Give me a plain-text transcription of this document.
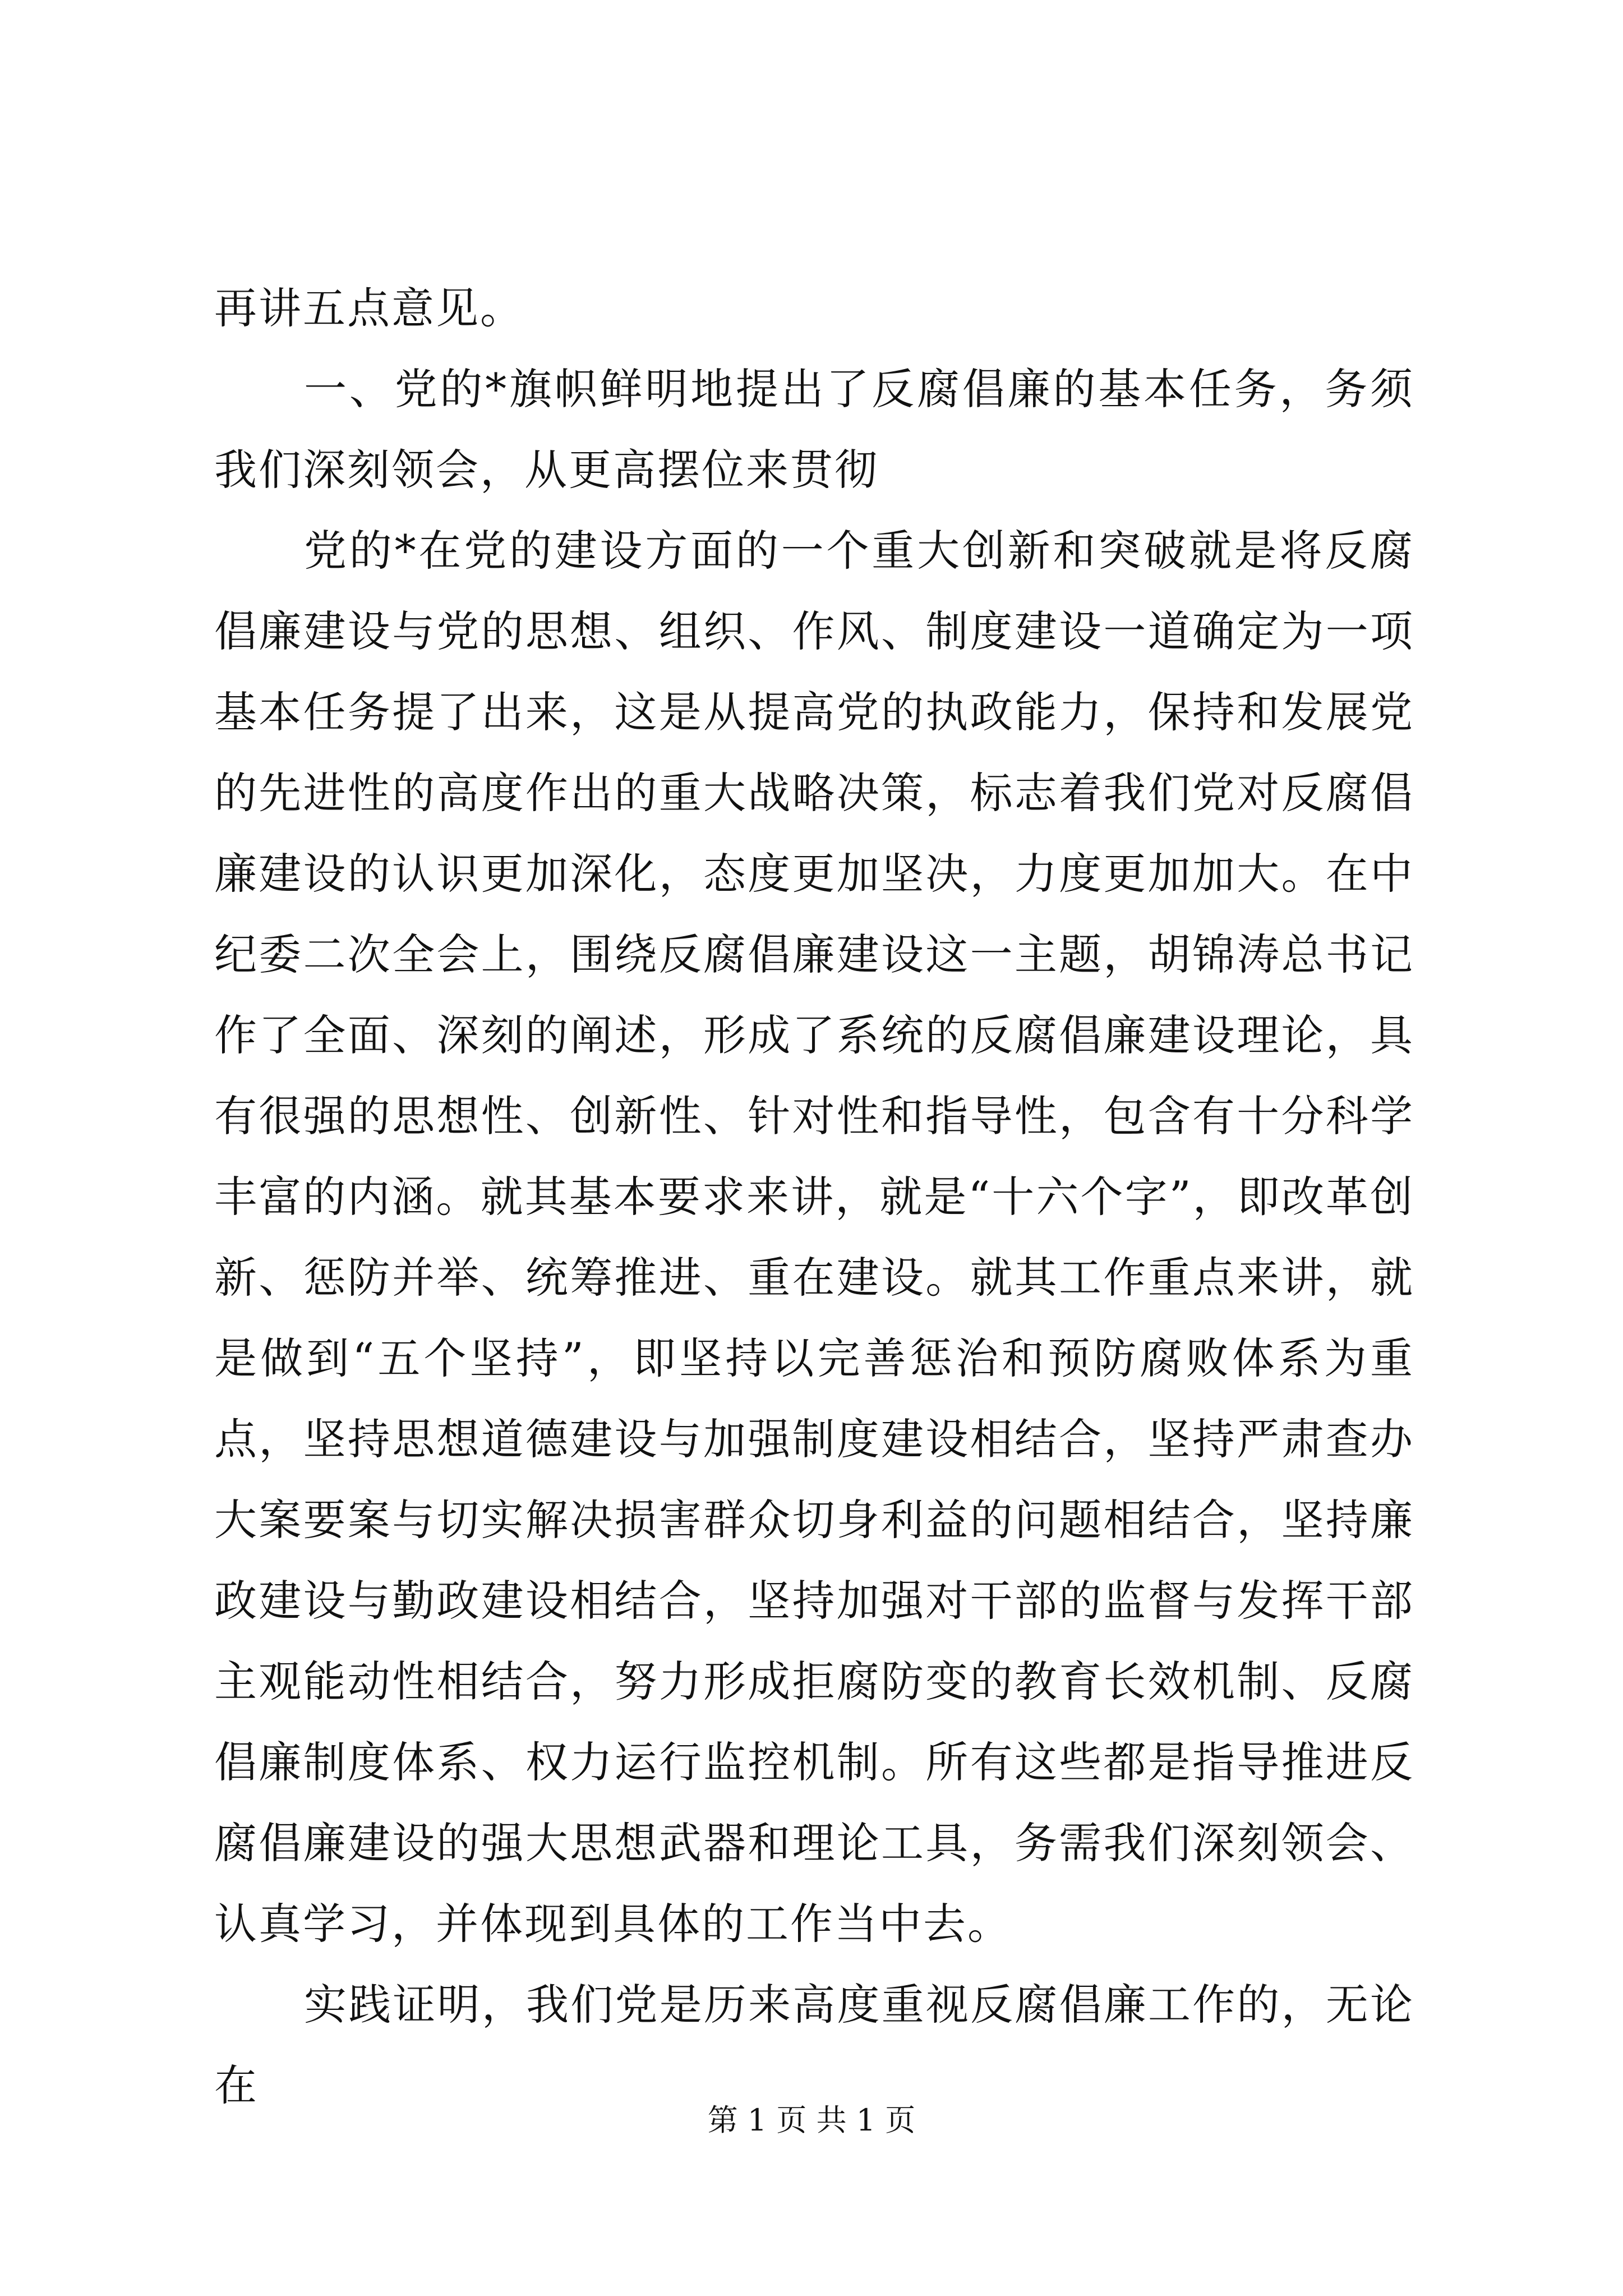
再讲五点意见。

一、党的*旗帜鲜明地提出了反腐倡廉的基本任务，务须我们深刻领会，从更高摆位来贯彻

党的*在党的建设方面的一个重大创新和突破就是将反腐倡廉建设与党的思想、组织、作风、制度建设一道确定为一项基本任务提了出来，这是从提高党的执政能力，保持和发展党的先进性的高度作出的重大战略决策，标志着我们党对反腐倡廉建设的认识更加深化，态度更加坚决，力度更加加大。在中纪委二次全会上，围绕反腐倡廉建设这一主题，胡锦涛总书记作了全面、深刻的阐述，形成了系统的反腐倡廉建设理论，具有很强的思想性、创新性、针对性和指导性，包含有十分科学丰富的内涵。就其基本要求来讲，就是“十六个字”，即改革创新、惩防并举、统筹推进、重在建设。就其工作重点来讲，就是做到“五个坚持”，即坚持以完善惩治和预防腐败体系为重点，坚持思想道德建设与加强制度建设相结合，坚持严肃查办大案要案与切实解决损害群众切身利益的问题相结合，坚持廉政建设与勤政建设相结合，坚持加强对干部的监督与发挥干部主观能动性相结合，努力形成拒腐防变的教育长效机制、反腐倡廉制度体系、权力运行监控机制。所有这些都是指导推进反腐倡廉建设的强大思想武器和理论工具，务需我们深刻领会、认真学习，并体现到具体的工作当中去。

实践证明，我们党是历来高度重视反腐倡廉工作的，无论在

第 1 页 共 1 页
